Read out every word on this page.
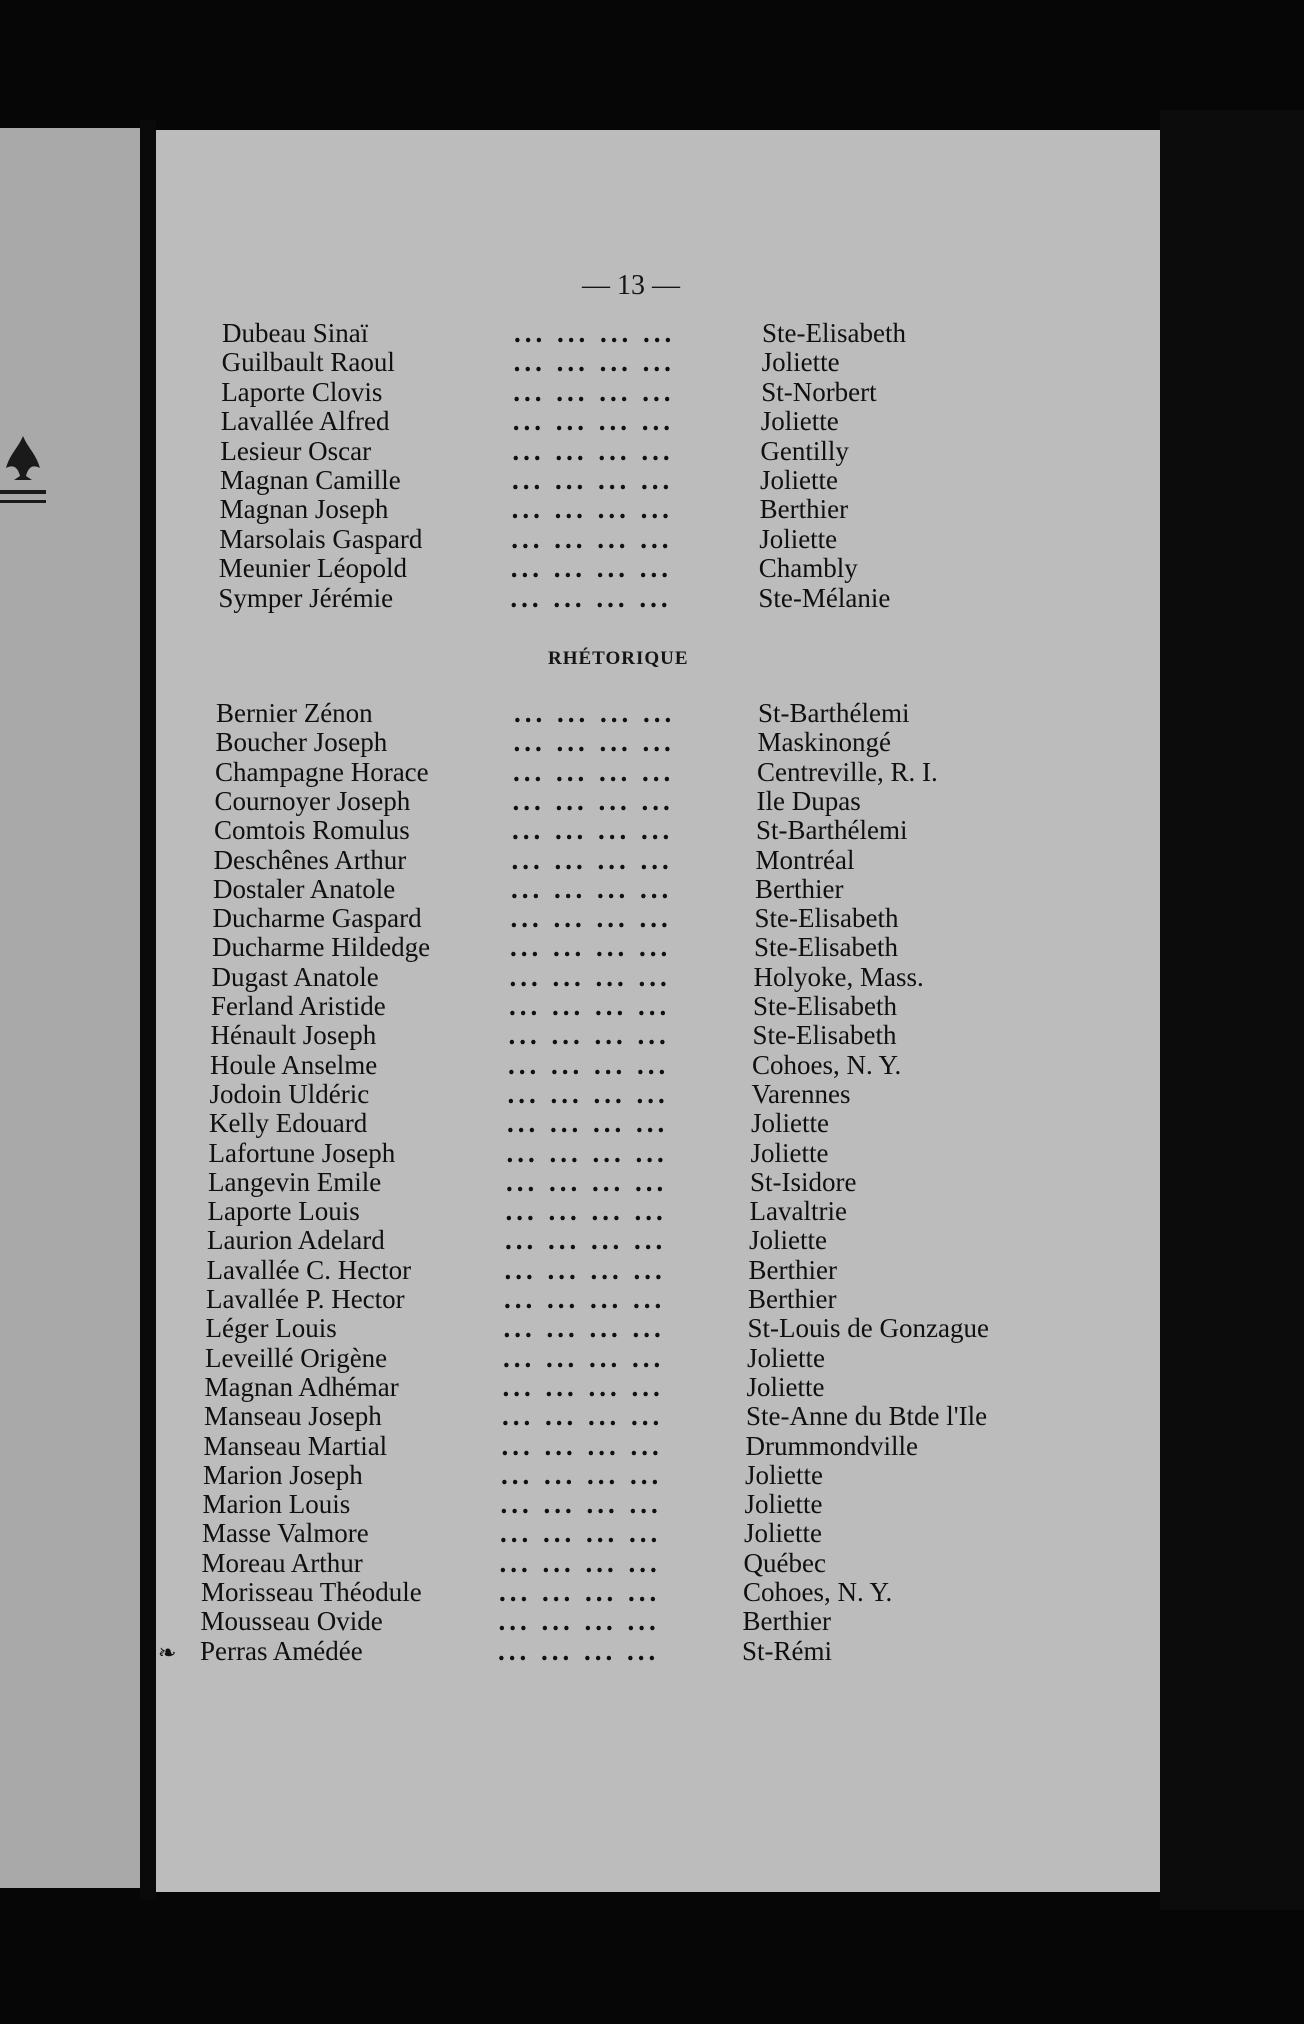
— 13 —
RHÉTORIQUE
❧
Dubeau Sinaï	... ... ... ...	Ste-Elisabeth
Guilbault Raoul	... ... ... ...	Joliette
Laporte Clovis	... ... ... ...	St-Norbert
Lavallée Alfred	... ... ... ...	Joliette
Lesieur Oscar	... ... ... ...	Gentilly
Magnan Camille	... ... ... ...	Joliette
Magnan Joseph	... ... ... ...	Berthier
Marsolais Gaspard	... ... ... ...	Joliette
Meunier Léopold	... ... ... ...	Chambly
Symper Jérémie	... ... ... ...	Ste-Mélanie
Bernier Zénon	... ... ... ...	St-Barthélemi
Boucher Joseph	... ... ... ...	Maskinongé
Champagne Horace	... ... ... ...	Centreville, R. I.
Cournoyer Joseph	... ... ... ...	Ile Dupas
Comtois Romulus	... ... ... ...	St-Barthélemi
Deschênes Arthur	... ... ... ...	Montréal
Dostaler Anatole	... ... ... ...	Berthier
Ducharme Gaspard	... ... ... ...	Ste-Elisabeth
Ducharme Hildedge	... ... ... ...	Ste-Elisabeth
Dugast Anatole	... ... ... ...	Holyoke, Mass.
Ferland Aristide	... ... ... ...	Ste-Elisabeth
Hénault Joseph	... ... ... ...	Ste-Elisabeth
Houle Anselme	... ... ... ...	Cohoes, N. Y.
Jodoin Uldéric	... ... ... ...	Varennes
Kelly Edouard	... ... ... ...	Joliette
Lafortune Joseph	... ... ... ...	Joliette
Langevin Emile	... ... ... ...	St-Isidore
Laporte Louis	... ... ... ...	Lavaltrie
Laurion Adelard	... ... ... ...	Joliette
Lavallée C. Hector	... ... ... ...	Berthier
Lavallée P. Hector	... ... ... ...	Berthier
Léger Louis	... ... ... ...	St-Louis de Gonzague
Leveillé Origène	... ... ... ...	Joliette
Magnan Adhémar	... ... ... ...	Joliette
Manseau Joseph	... ... ... ...	Ste-Anne du Btde l'Ile
Manseau Martial	... ... ... ...	Drummondville
Marion Joseph	... ... ... ...	Joliette
Marion Louis	... ... ... ...	Joliette
Masse Valmore	... ... ... ...	Joliette
Moreau Arthur	... ... ... ...	Québec
Morisseau Théodule	... ... ... ...	Cohoes, N. Y.
Mousseau Ovide	... ... ... ...	Berthier
Perras Amédée	... ... ... ...	St-Rémi
